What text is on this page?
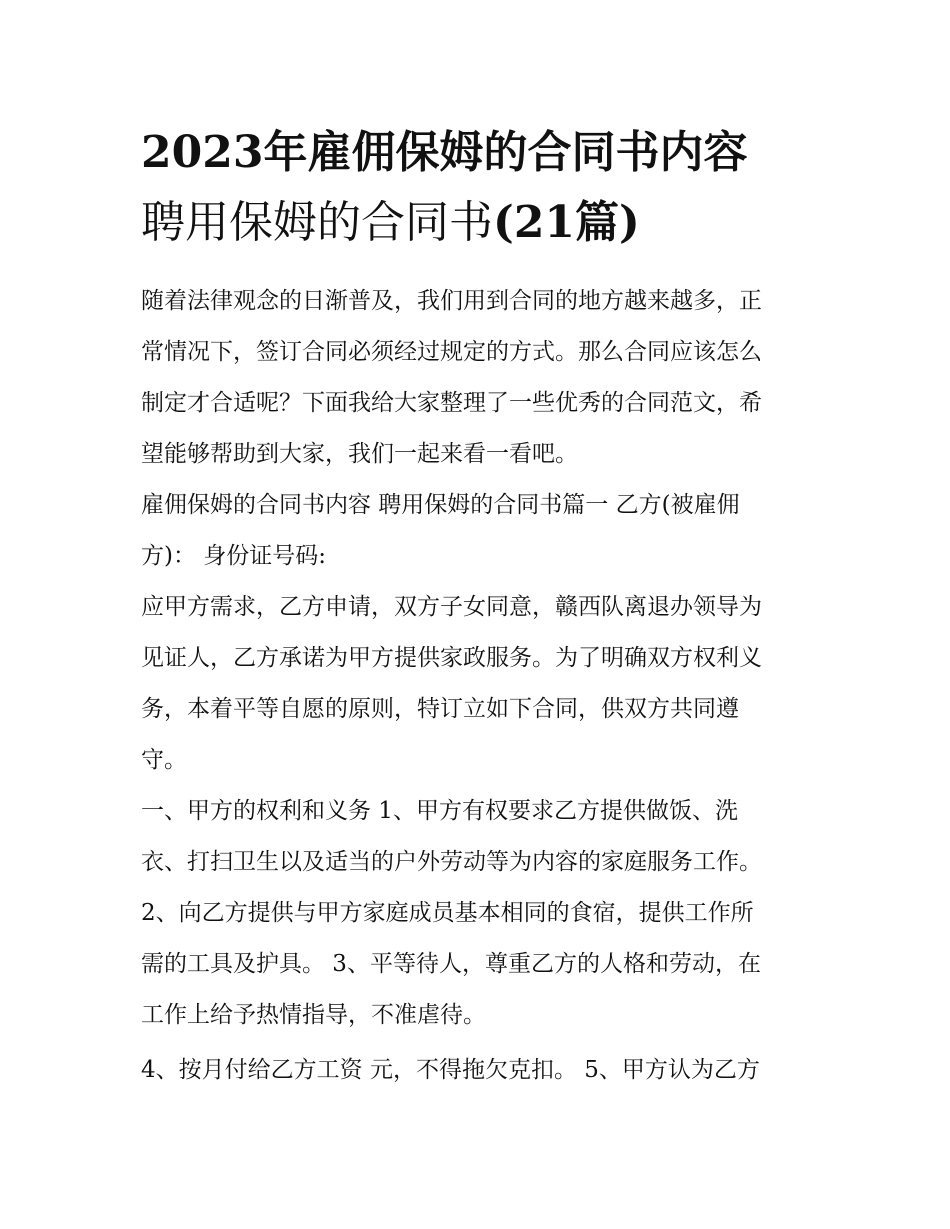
2023年雇佣保姆的合同书内容
聘用保姆的合同书(21篇)

随着法律观念的日渐普及，我们用到合同的地方越来越多，正
常情况下，签订合同必须经过规定的方式。那么合同应该怎么
制定才合适呢？下面我给大家整理了一些优秀的合同范文，希
望能够帮助到大家，我们一起来看一看吧。

雇佣保姆的合同书内容 聘用保姆的合同书篇一 乙方(被雇佣
方)： 身份证号码:

应甲方需求，乙方申请，双方子女同意，赣西队离退办领导为
见证人，乙方承诺为甲方提供家政服务。为了明确双方权利义
务，本着平等自愿的原则，特订立如下合同，供双方共同遵
守。

一、甲方的权利和义务 1、甲方有权要求乙方提供做饭、洗
衣、打扫卫生以及适当的户外劳动等为内容的家庭服务工作。
2、向乙方提供与甲方家庭成员基本相同的食宿，提供工作所
需的工具及护具。 3、平等待人，尊重乙方的人格和劳动，在
工作上给予热情指导，不准虐待。

4、按月付给乙方工资 元，不得拖欠克扣。 5、甲方认为乙方
